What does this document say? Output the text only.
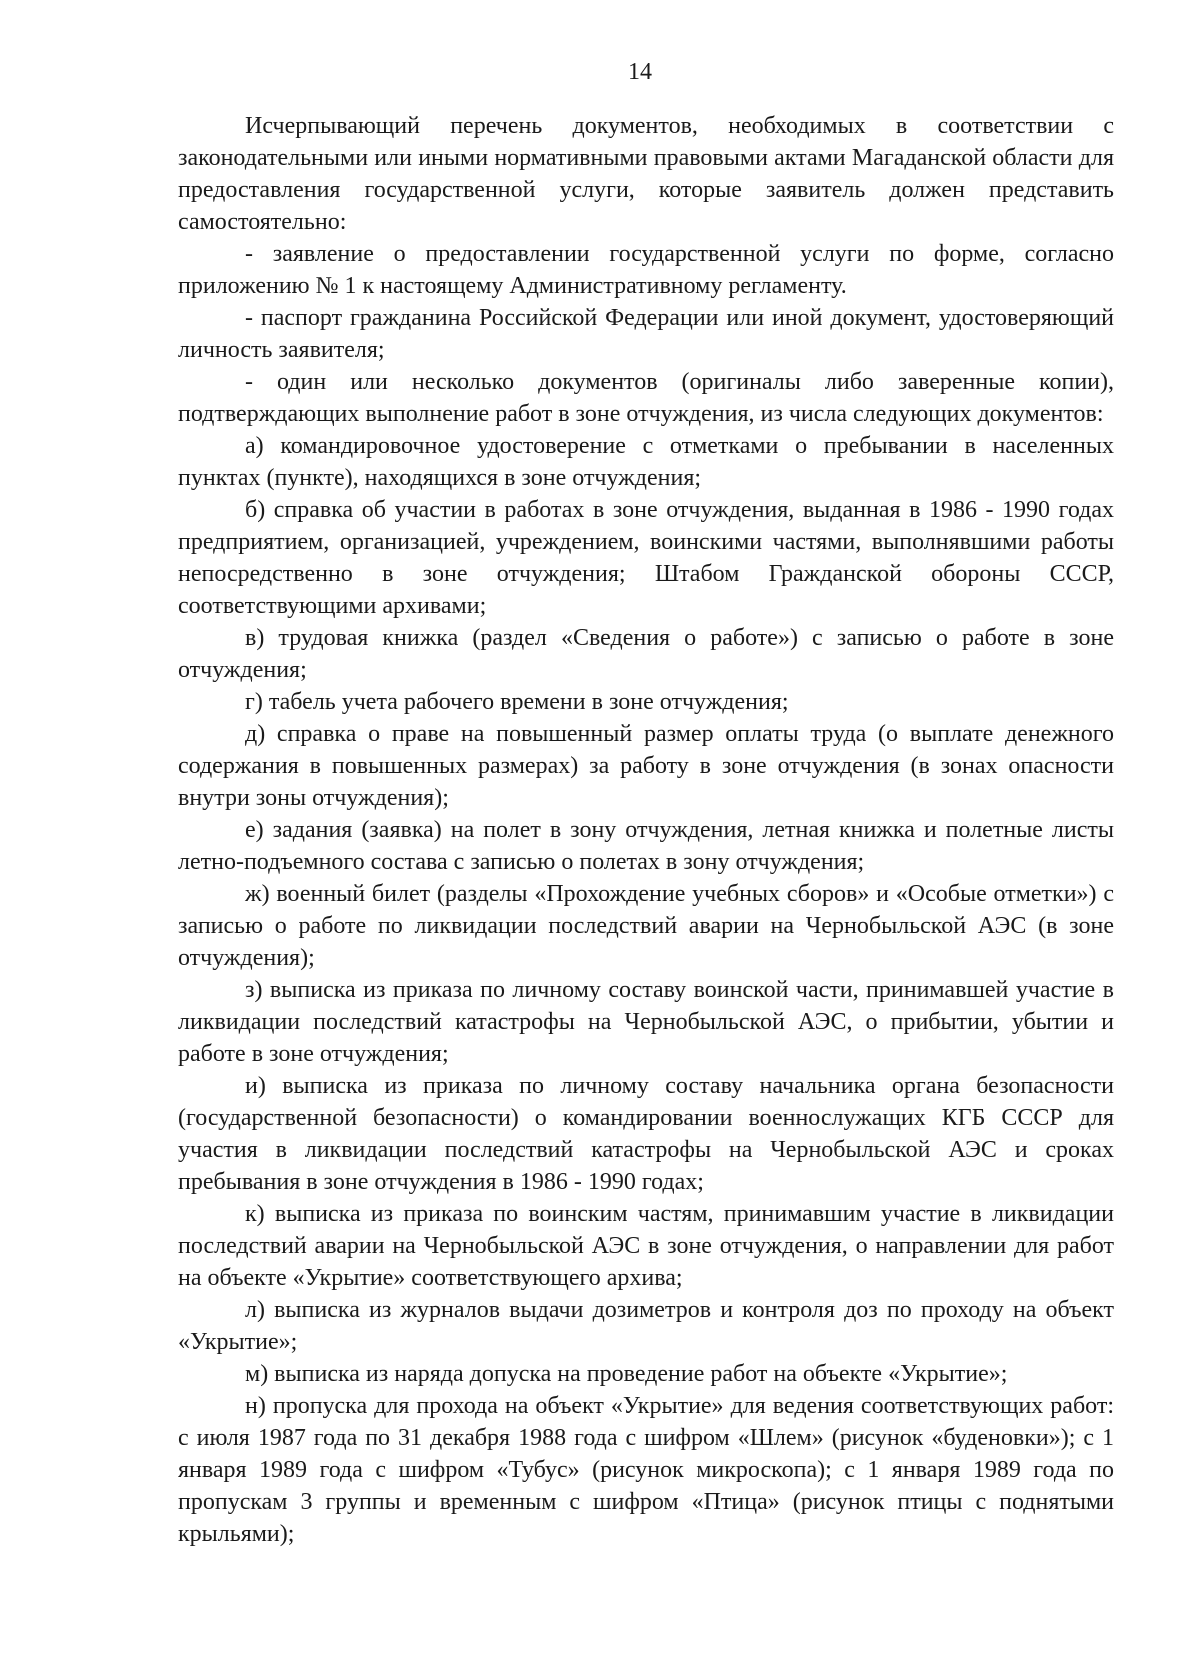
14

Исчерпывающий перечень документов, необходимых в соответствии с законодательными или иными нормативными правовыми актами Магаданской области для предоставления государственной услуги, которые заявитель должен представить самостоятельно:

- заявление о предоставлении государственной услуги по форме, согласно приложению № 1 к настоящему Административному регламенту.

- паспорт гражданина Российской Федерации или иной документ, удостоверяющий личность заявителя;

- один или несколько документов (оригиналы либо заверенные копии), подтверждающих выполнение работ в зоне отчуждения, из числа следующих документов:

а) командировочное удостоверение с отметками о пребывании в населенных пунктах (пункте), находящихся в зоне отчуждения;

б) справка об участии в работах в зоне отчуждения, выданная в 1986 - 1990 годах предприятием, организацией, учреждением, воинскими частями, выполнявшими работы непосредственно в зоне отчуждения; Штабом Гражданской обороны СССР, соответствующими архивами;

в) трудовая книжка (раздел «Сведения о работе») с записью о работе в зоне отчуждения;

г) табель учета рабочего времени в зоне отчуждения;

д) справка о праве на повышенный размер оплаты труда (о выплате денежного содержания в повышенных размерах) за работу в зоне отчуждения (в зонах опасности внутри зоны отчуждения);

е) задания (заявка) на полет в зону отчуждения, летная книжка и полетные листы летно-подъемного состава с записью о полетах в зону отчуждения;

ж) военный билет (разделы «Прохождение учебных сборов» и «Особые отметки») с записью о работе по ликвидации последствий аварии на Чернобыльской АЭС (в зоне отчуждения);

з) выписка из приказа по личному составу воинской части, принимавшей участие в ликвидации последствий катастрофы на Чернобыльской АЭС, о прибытии, убытии и работе в зоне отчуждения;

и) выписка из приказа по личному составу начальника органа безопасности (государственной безопасности) о командировании военнослужащих КГБ СССР для участия в ликвидации последствий катастрофы на Чернобыльской АЭС и сроках пребывания в зоне отчуждения в 1986 - 1990 годах;

к) выписка из приказа по воинским частям, принимавшим участие в ликвидации последствий аварии на Чернобыльской АЭС в зоне отчуждения, о направлении для работ на объекте «Укрытие» соответствующего архива;

л) выписка из журналов выдачи дозиметров и контроля доз по проходу на объект «Укрытие»;

м) выписка из наряда допуска на проведение работ на объекте «Укрытие»;

н) пропуска для прохода на объект «Укрытие» для ведения соответствующих работ: с июля 1987 года по 31 декабря 1988 года с шифром «Шлем» (рисунок «буденовки»); с 1 января 1989 года с шифром «Тубус» (рисунок микроскопа); с 1 января 1989 года по пропускам 3 группы и временным с шифром «Птица» (рисунок птицы с поднятыми крыльями);
